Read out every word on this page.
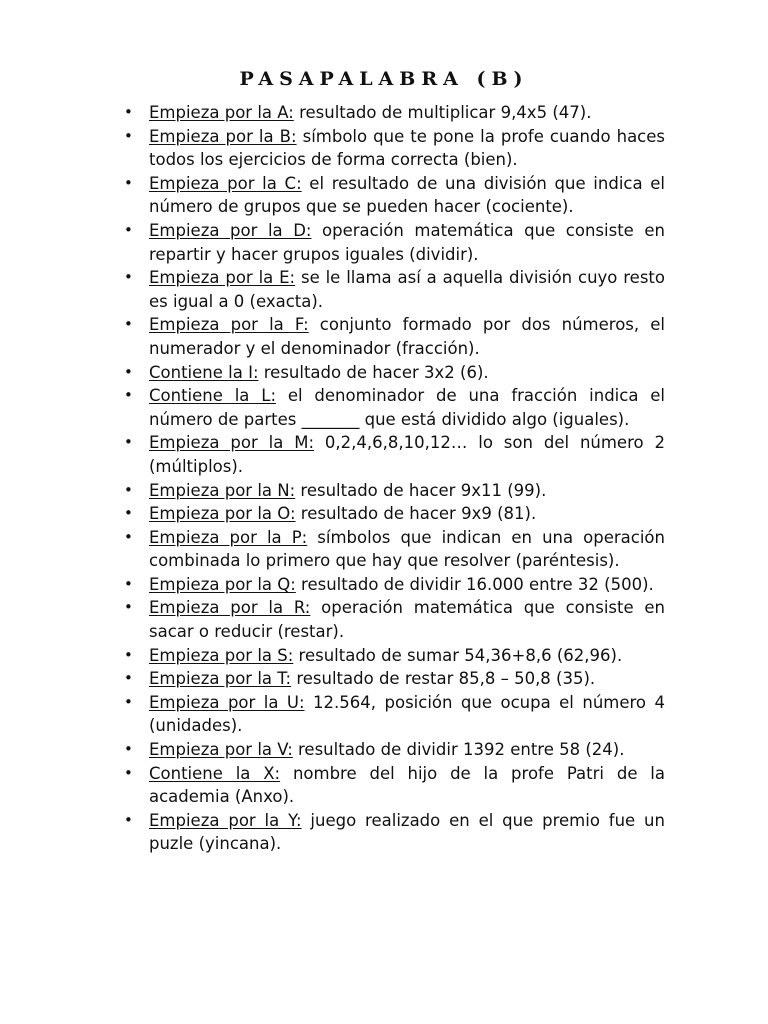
PASAPALABRA (B)
• Empieza por la A: resultado de multiplicar 9,4x5 (47).
• Empieza por la B: símbolo que te pone la profe cuando haces todos los ejercicios de forma correcta (bien).
• Empieza por la C: el resultado de una división que indica el número de grupos que se pueden hacer (cociente).
• Empieza por la D: operación matemática que consiste en repartir y hacer grupos iguales (dividir).
• Empieza por la E: se le llama así a aquella división cuyo resto es igual a 0 (exacta).
• Empieza por la F: conjunto formado por dos números, el numerador y el denominador (fracción).
• Contiene la I: resultado de hacer 3x2 (6).
• Contiene la L: el denominador de una fracción indica el número de partes _______ que está dividido algo (iguales).
• Empieza por la M: 0,2,4,6,8,10,12… lo son del número 2 (múltiplos).
• Empieza por la N: resultado de hacer 9x11 (99).
• Empieza por la O: resultado de hacer 9x9 (81).
• Empieza por la P: símbolos que indican en una operación combinada lo primero que hay que resolver (paréntesis).
• Empieza por la Q: resultado de dividir 16.000 entre 32 (500).
• Empieza por la R: operación matemática que consiste en sacar o reducir (restar).
• Empieza por la S: resultado de sumar 54,36+8,6 (62,96).
• Empieza por la T: resultado de restar 85,8 – 50,8 (35).
• Empieza por la U: 12.564, posición que ocupa el número 4 (unidades).
• Empieza por la V: resultado de dividir 1392 entre 58 (24).
• Contiene la X: nombre del hijo de la profe Patri de la academia (Anxo).
• Empieza por la Y: juego realizado en el que premio fue un puzle (yincana).
